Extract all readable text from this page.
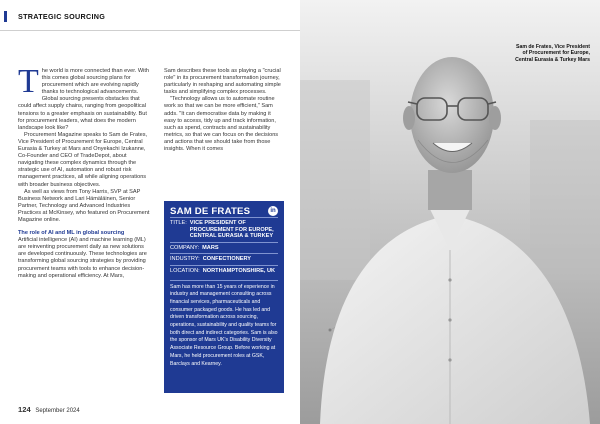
STRATEGIC SOURCING

The world is more connected than ever. With this comes global sourcing plans for procurement which are evolving rapidly thanks to technological advancements. Global sourcing presents obstacles that could affect supply chains, ranging from geopolitical tensions to a greater emphasis on sustainability. But for procurement leaders, what does the modern landscape look like?

Procurement Magazine speaks to Sam de Frates, Vice President of Procurement for Europe, Central Eurasia & Turkey at Mars and Onyekachi Izukanne, Co-Founder and CEO of TradeDepot, about navigating these complex dynamics through the strategic use of AI, automation and robust risk management practices, all while aligning operations with broader business objectives.

As well as views from Tony Harris, SVP at SAP Business Network and Lari Hämäläinen, Senior Partner, Technology and Advanced Industries Practices at McKinsey, who featured on Procurement Magazine online.

The role of AI and ML in global sourcing

Artificial intelligence (AI) and machine learning (ML) are reinventing procurement daily as new solutions are developed continuously. These technologies are transforming global sourcing strategies by providing procurement teams with tools to enhance decision-making and operational efficiency. At Mars,

Sam describes these tools as playing a "crucial role" in its procurement transformation journey, particularly in reshaping and automating simple tasks and simplifying complex processes.

"Technology allows us to automate routine work so that we can be more efficient," Sam adds. "It can democratise data by making it easy to access, tidy up and track information, such as spend, contracts and sustainability metrics, so that we can focus on the decisions and actions that we should take from those insights. When it comes

SAM DE FRATES	in
TITLE: VICE PRESIDENT OF PROCUREMENT FOR EUROPE, CENTRAL EURASIA & TURKEY
COMPANY: MARS
INDUSTRY: CONFECTIONERY
LOCATION: NORTHAMPTONSHIRE, UK
Sam has more than 15 years of experience in industry and management consulting across financial services, pharmaceuticals and consumer packaged goods. He has led and driven transformation across sourcing, operations, sustainability and quality teams for both direct and indirect categories. Sam is also the sponsor of Mars UK's Disability Diversity Associate Resource Group. Before working at Mars, he held procurement roles at GSK, Barclays and Kearney.
124 September 2024
Sam de Frates, Vice President of Procurement for Europe, Central Eurasia & Turkey Mars
